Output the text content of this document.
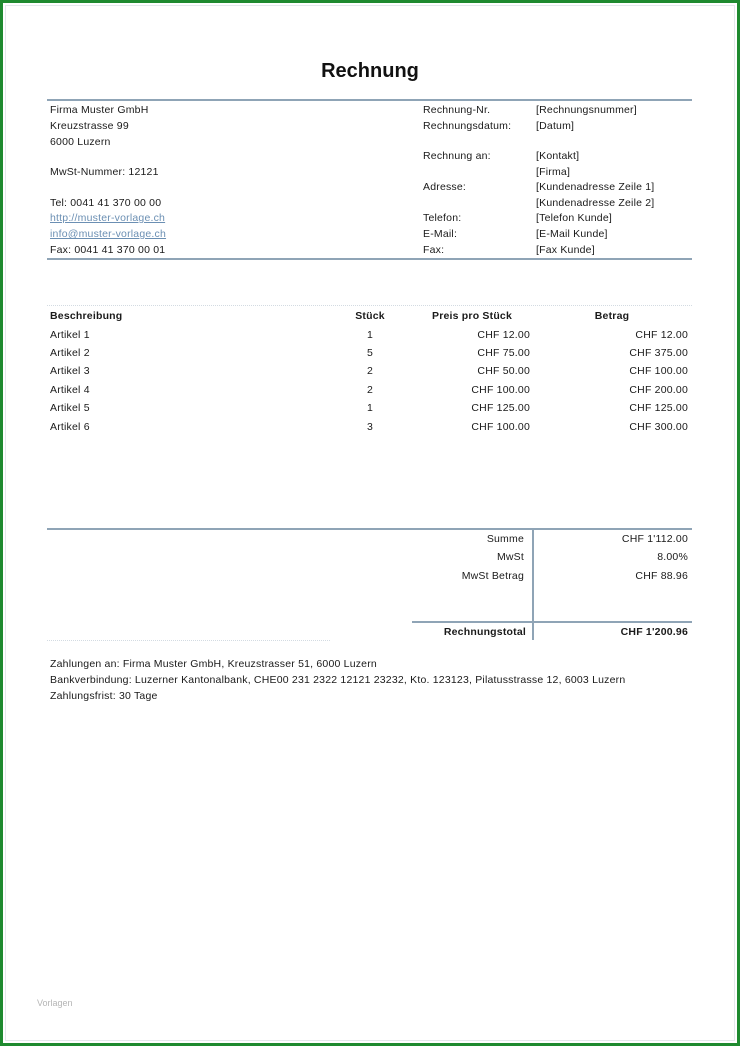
Rechnung
Firma Muster GmbH
Kreuzstrasse 99
6000 Luzern
MwSt-Nummer: 12121
Tel: 0041 41 370 00 00
http://muster-vorlage.ch
info@muster-vorlage.ch
Fax: 0041 41 370 00 01
Rechnung-Nr.	[Rechnungsnummer]
Rechnungsdatum: [Datum]
Rechnung an:	[Kontakt]
[Firma]
Adresse:	[Kundenadresse Zeile 1]
[Kundenadresse Zeile 2]
Telefon:	[Telefon Kunde]
E-Mail:	[E-Mail Kunde]
Fax:	[Fax Kunde]
Beschreibung	Stück	Preis pro Stück	Betrag
Artikel 1	1	CHF 12.00	CHF 12.00
Artikel 2	5	CHF 75.00	CHF 375.00
Artikel 3	2	CHF 50.00	CHF 100.00
Artikel 4	2	CHF 100.00	CHF 200.00
Artikel 5	1	CHF 125.00	CHF 125.00
Artikel 6	3	CHF 100.00	CHF 300.00
Summe	CHF 1'112.00
MwSt	8.00%
MwSt Betrag	CHF 88.96
Rechnungstotal	CHF 1'200.96
Zahlungen an: Firma Muster GmbH, Kreuzstrasser 51, 6000 Luzern
Bankverbindung: Luzerner Kantonalbank, CHE00 231 2322 12121 23232, Kto. 123123, Pilatusstrasse 12, 6003 Luzern
Zahlungsfrist: 30 Tage
Vorlagen
